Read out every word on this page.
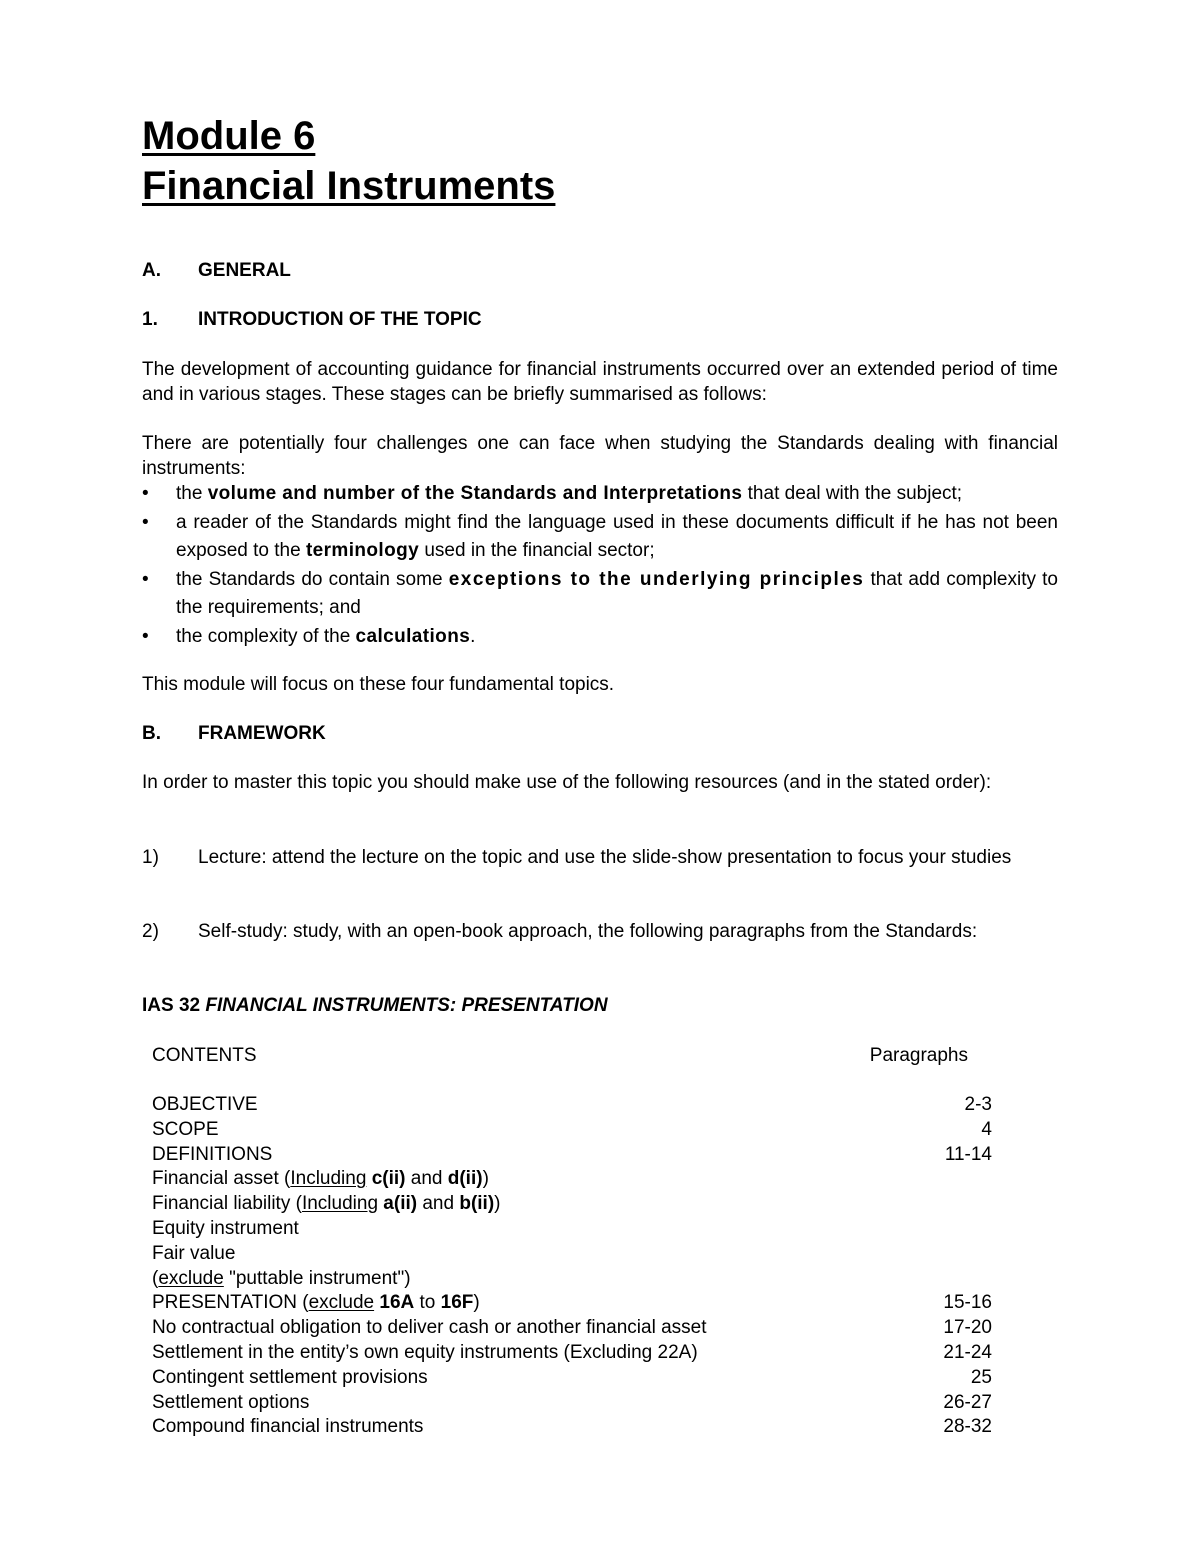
Module 6
Financial Instruments
A. GENERAL
1. INTRODUCTION OF THE TOPIC

The development of accounting guidance for financial instruments occurred over an extended period of time and in various stages. These stages can be briefly summarised as follows:

There are potentially four challenges one can face when studying the Standards dealing with financial instruments:

• the volume and number of the Standards and Interpretations that deal with the subject;
• a reader of the Standards might find the language used in these documents difficult if he has not been exposed to the terminology used in the financial sector;
• the Standards do contain some exceptions to the underlying principles that add complexity to the requirements; and
• the complexity of the calculations.

This module will focus on these four fundamental topics.

B. FRAMEWORK

In order to master this topic you should make use of the following resources (and in the stated order):

1) Lecture: attend the lecture on the topic and use the slide-show presentation to focus your studies
2) Self-study: study, with an open-book approach, the following paragraphs from the Standards:
IAS 32 FINANCIAL INSTRUMENTS: PRESENTATION
CONTENTS	Paragraphs
OBJECTIVE	2-3
SCOPE	4
DEFINITIONS	11-14
Financial asset (Including c(ii) and d(ii))
Financial liability (Including a(ii) and b(ii))
Equity instrument
Fair value
(exclude "puttable instrument")
PRESENTATION (exclude 16A to 16F)	15-16
No contractual obligation to deliver cash or another financial asset	17-20
Settlement in the entity’s own equity instruments (Excluding 22A)	21-24
Contingent settlement provisions	25
Settlement options	26-27
Compound financial instruments	28-32
